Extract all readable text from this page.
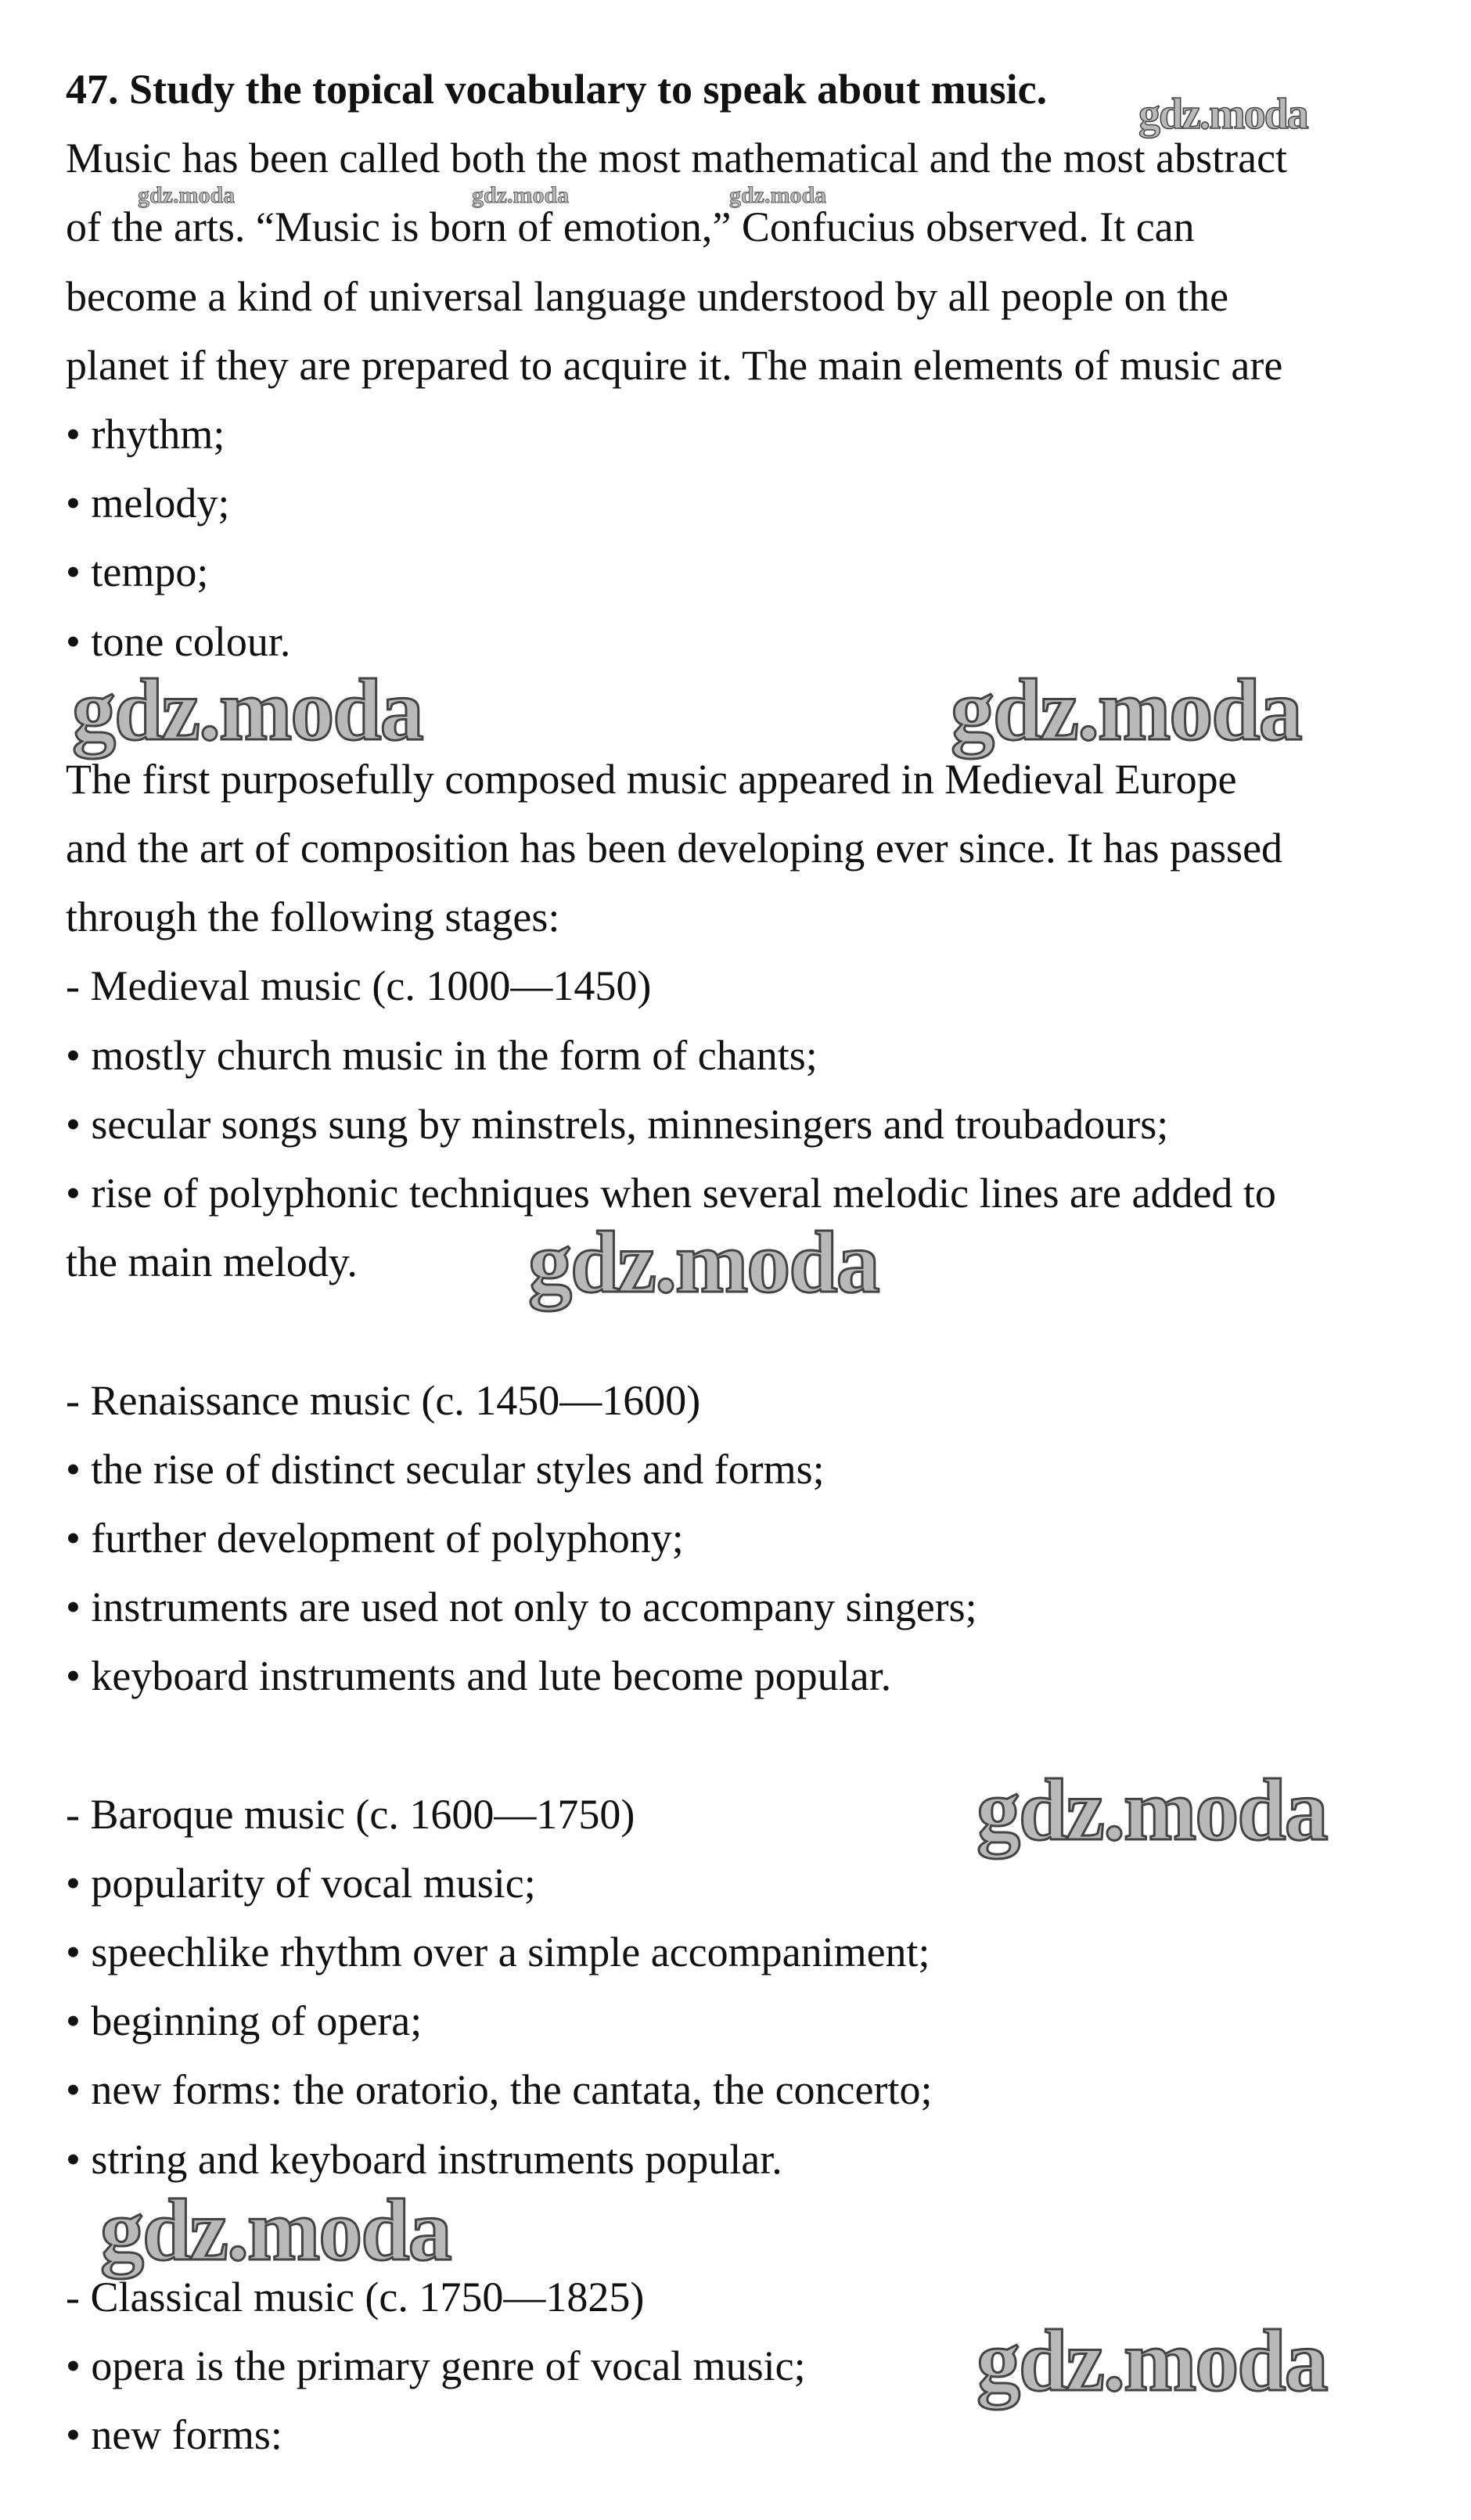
47. Study the topical vocabulary to speak about music.
Music has been called both the most mathematical and the most abstract
of the arts. “Music is born of emotion,” Confucius observed. It can
become a kind of universal language understood by all people on the
planet if they are prepared to acquire it. The main elements of music are
• rhythm;
• melody;
• tempo;
• tone colour.
The first purposefully composed music appeared in Medieval Europe
and the art of composition has been developing ever since. It has passed
through the following stages:
- Medieval music (c. 1000—1450)
• mostly church music in the form of chants;
• secular songs sung by minstrels, minnesingers and troubadours;
• rise of polyphonic techniques when several melodic lines are added to
the main melody.
- Renaissance music (c. 1450—1600)
• the rise of distinct secular styles and forms;
• further development of polyphony;
• instruments are used not only to accompany singers;
• keyboard instruments and lute become popular.
- Baroque music (c. 1600—1750)
• popularity of vocal music;
• speechlike rhythm over a simple accompaniment;
• beginning of opera;
• new forms: the oratorio, the cantata, the concerto;
• string and keyboard instruments popular.
- Classical music (c. 1750—1825)
• opera is the primary genre of vocal music;
• new forms:
gdz.moda
gdz.moda	gdz.moda	gdz.moda
gdz.moda	gdz.moda
gdz.moda
gdz.moda
gdz.moda
gdz.moda
